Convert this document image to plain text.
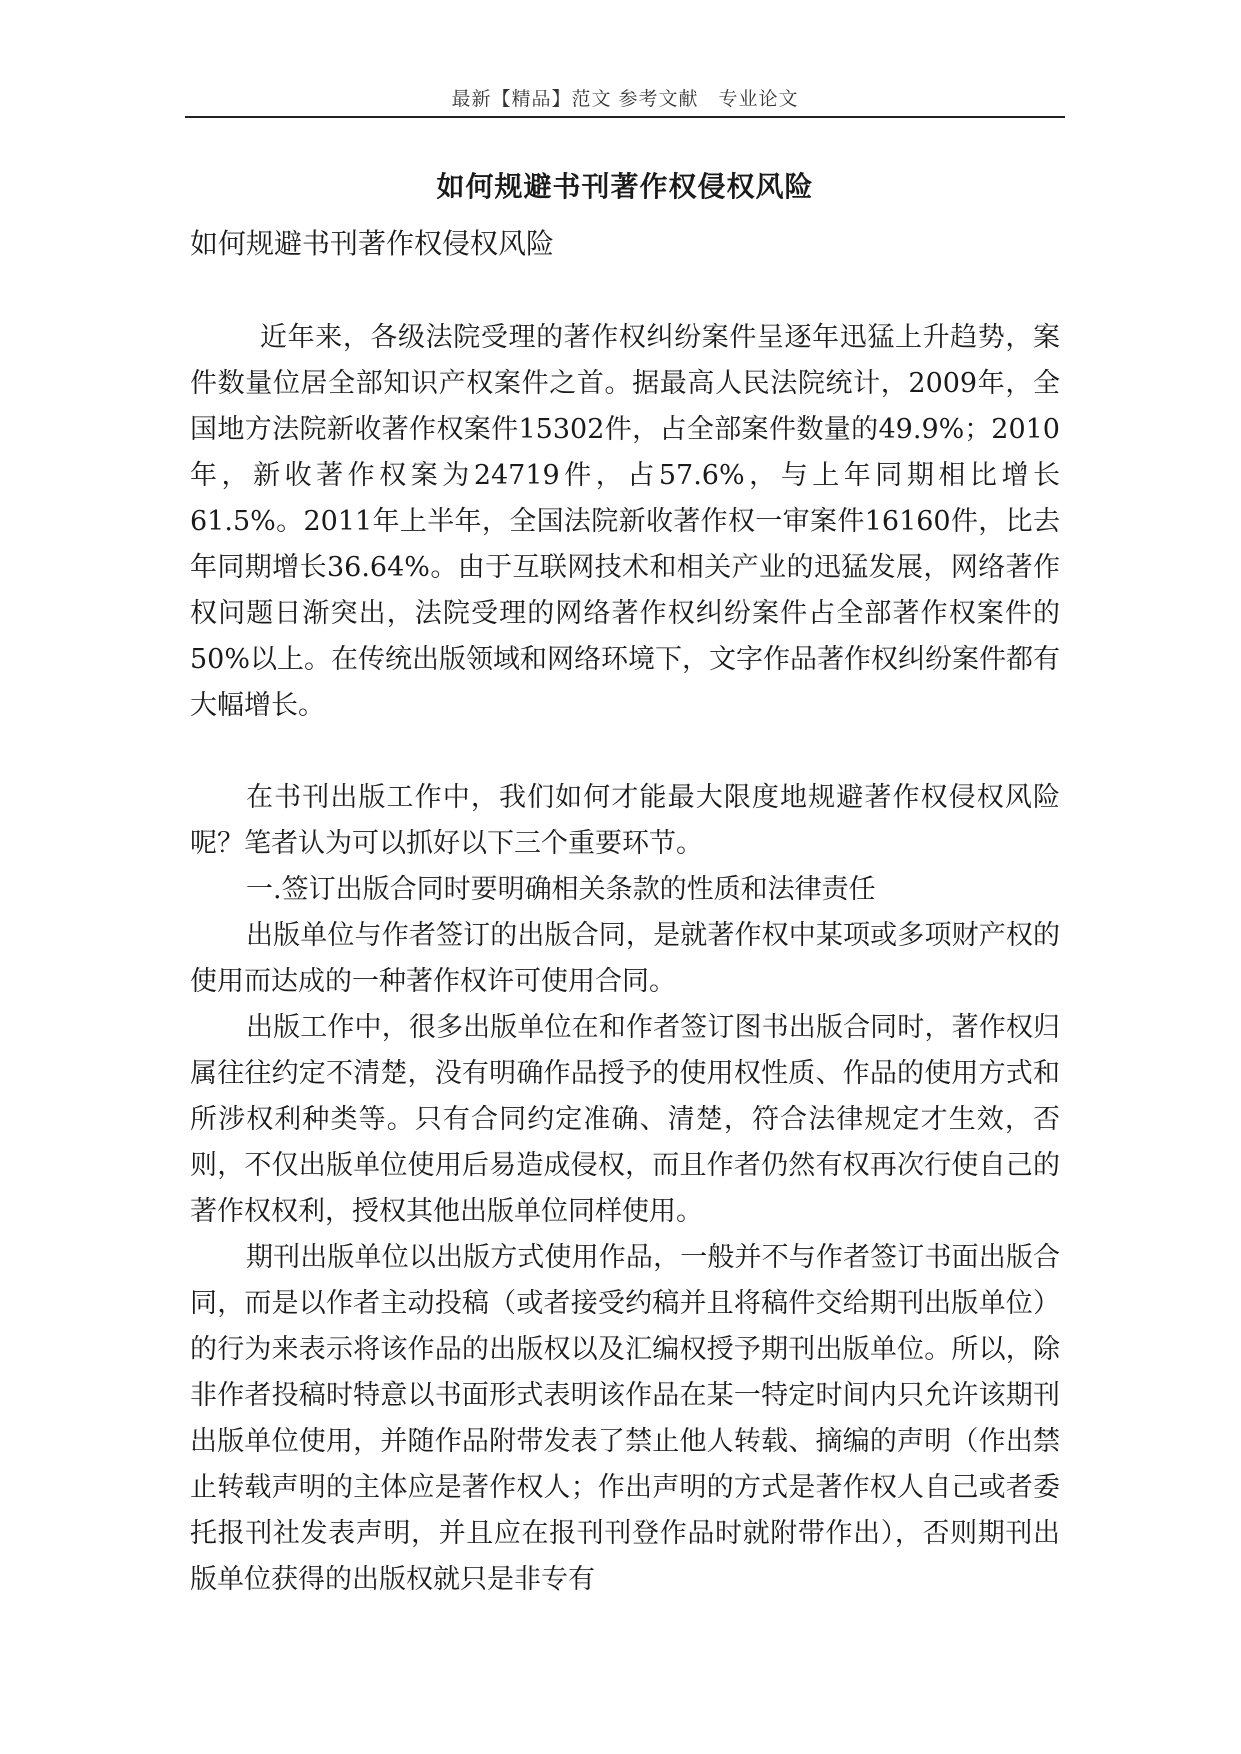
最新【精品】范文 参考文献　专业论文
如何规避书刊著作权侵权风险
如何规避书刊著作权侵权风险

近年来，各级法院受理的著作权纠纷案件呈逐年迅猛上升趋势，案件数量位居全部知识产权案件之首。据最高人民法院统计，2009年，全国地方法院新收著作权案件15302件，占全部案件数量的49.9%；2010年，新收著作权案为24719件，占57.6%，与上年同期相比增长61.5%。2011年上半年，全国法院新收著作权一审案件16160件，比去年同期增长36.64%。由于互联网技术和相关产业的迅猛发展，网络著作权问题日渐突出，法院受理的网络著作权纠纷案件占全部著作权案件的50%以上。在传统出版领域和网络环境下，文字作品著作权纠纷案件都有大幅增长。

在书刊出版工作中，我们如何才能最大限度地规避著作权侵权风险呢？笔者认为可以抓好以下三个重要环节。

一.签订出版合同时要明确相关条款的性质和法律责任

出版单位与作者签订的出版合同，是就著作权中某项或多项财产权的使用而达成的一种著作权许可使用合同。

出版工作中，很多出版单位在和作者签订图书出版合同时，著作权归属往往约定不清楚，没有明确作品授予的使用权性质、作品的使用方式和所涉权利种类等。只有合同约定准确、清楚，符合法律规定才生效，否则，不仅出版单位使用后易造成侵权，而且作者仍然有权再次行使自己的著作权权利，授权其他出版单位同样使用。

期刊出版单位以出版方式使用作品，一般并不与作者签订书面出版合同，而是以作者主动投稿（或者接受约稿并且将稿件交给期刊出版单位）的行为来表示将该作品的出版权以及汇编权授予期刊出版单位。所以，除非作者投稿时特意以书面形式表明该作品在某一特定时间内只允许该期刊出版单位使用，并随作品附带发表了禁止他人转载、摘编的声明（作出禁止转载声明的主体应是著作权人；作出声明的方式是著作权人自己或者委托报刊社发表声明，并且应在报刊刊登作品时就附带作出），否则期刊出版单位获得的出版权就只是非专有
